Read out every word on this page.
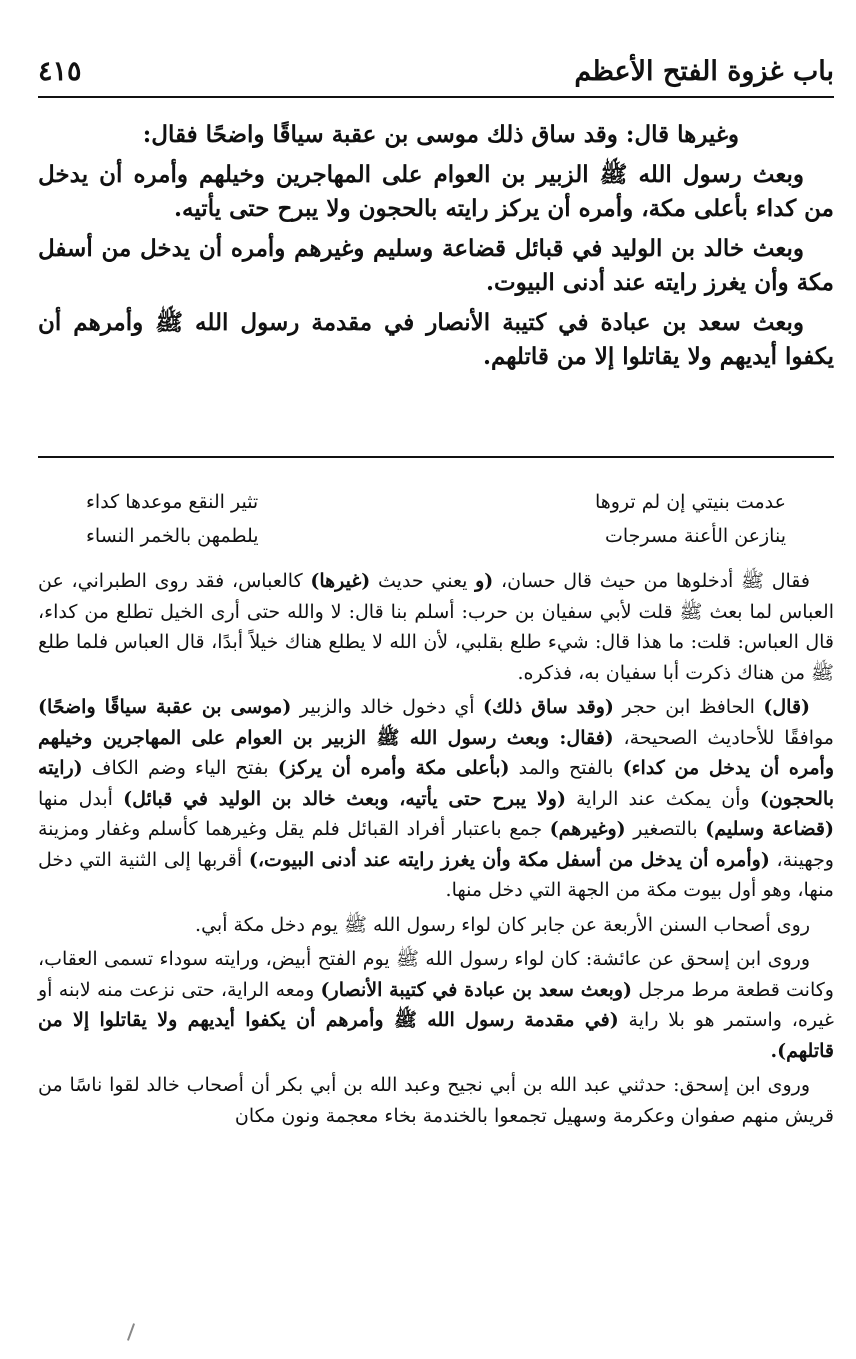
باب غزوة الفتح الأعظم
٤١٥

وغيرها قال: وقد ساق ذلك موسى بن عقبة سياقًا واضحًا فقال:

وبعث رسول الله ﷺ الزبير بن العوام على المهاجرين وخيلهم وأمره أن يدخل من كداء بأعلى مكة، وأمره أن يركز رايته بالحجون ولا يبرح حتى يأتيه.

وبعث خالد بن الوليد في قبائل قضاعة وسليم وغيرهم وأمره أن يدخل من أسفل مكة وأن يغرز رايته عند أدنى البيوت.

وبعث سعد بن عبادة في كتيبة الأنصار في مقدمة رسول الله ﷺ وأمرهم أن يكفوا أيديهم ولا يقاتلوا إلا من قاتلهم.

عدمت بنيتي إن لم تروها
تثير النقع موعدها كداء
ينازعن الأعنة مسرجات
يلطمهن بالخمر النساء

فقال ﷺ أدخلوها من حيث قال حسان، (و يعني حديث (غيرها) كالعباس، فقد روى الطبراني، عن العباس لما بعث ﷺ قلت لأبي سفيان بن حرب: أسلم بنا قال: لا والله حتى أرى الخيل تطلع من كداء، قال العباس: قلت: ما هذا قال: شيء طلع بقلبي، لأن الله لا يطلع هناك خيلاً أبدًا، قال العباس فلما طلع ﷺ من هناك ذكرت أبا سفيان به، فذكره.

(قال) الحافظ ابن حجر (وقد ساق ذلك) أي دخول خالد والزبير (موسى بن عقبة سياقًا واضحًا) موافقًا للأحاديث الصحيحة، (فقال: وبعث رسول الله ﷺ الزبير بن العوام على المهاجرين وخيلهم وأمره أن يدخل من كداء) بالفتح والمد (بأعلى مكة وأمره أن يركز) بفتح الياء وضم الكاف (رايته بالحجون) وأن يمكث عند الراية (ولا يبرح حتى يأتيه، وبعث خالد بن الوليد في قبائل) أبدل منها (قضاعة وسليم) بالتصغير (وغيرهم) جمع باعتبار أفراد القبائل فلم يقل وغيرهما كأسلم وغفار ومزينة وجهينة، (وأمره أن يدخل من أسفل مكة وأن يغرز رايته عند أدنى البيوت،) أقربها إلى الثنية التي دخل منها، وهو أول بيوت مكة من الجهة التي دخل منها.

روى أصحاب السنن الأربعة عن جابر كان لواء رسول الله ﷺ يوم دخل مكة أبي.

وروى ابن إسحق عن عائشة: كان لواء رسول الله ﷺ يوم الفتح أبيض، ورايته سوداء تسمى العقاب، وكانت قطعة مرط مرجل (وبعث سعد بن عبادة في كتيبة الأنصار) ومعه الراية، حتى نزعت منه لابنه أو غيره، واستمر هو بلا راية (في مقدمة رسول الله ﷺ وأمرهم أن يكفوا أيديهم ولا يقاتلوا إلا من قاتلهم).

وروى ابن إسحق: حدثني عبد الله بن أبي نجيح وعبد الله بن أبي بكر أن أصحاب خالد لقوا ناسًا من قريش منهم صفوان وعكرمة وسهيل تجمعوا بالخندمة بخاء معجمة ونون مكان
